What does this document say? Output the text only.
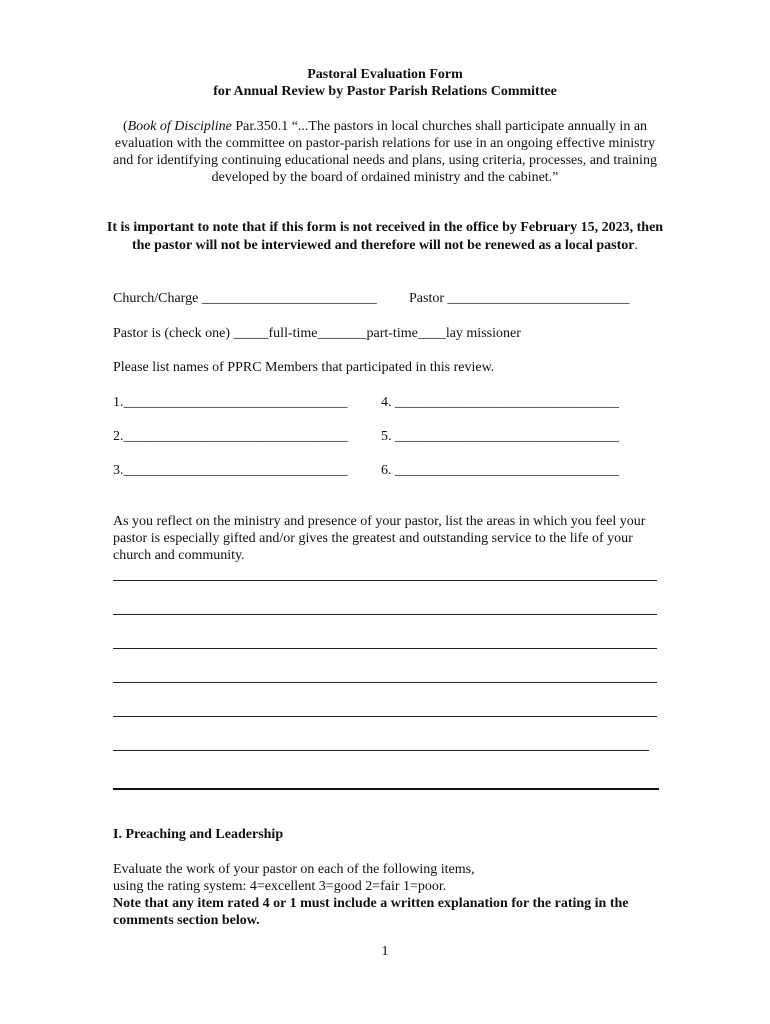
Pastoral Evaluation Form
for Annual Review by Pastor Parish Relations Committee
(Book of Discipline Par.350.1 “...The pastors in local churches shall participate annually in an evaluation with the committee on pastor-parish relations for use in an ongoing effective ministry and for identifying continuing educational needs and plans, using criteria, processes, and training developed by the board of ordained ministry and the cabinet.”
It is important to note that if this form is not received in the office by February 15, 2023, then the pastor will not be interviewed and therefore will not be renewed as a local pastor.
Church/Charge _________________________ Pastor __________________________
Pastor is (check one) _____full-time_______part-time____lay missioner
Please list names of PPRC Members that participated in this review.
1.________________________________ 4. ________________________________
2.________________________________ 5. ________________________________
3.________________________________ 6. ________________________________
As you reflect on the ministry and presence of your pastor, list the areas in which you feel your pastor is especially gifted and/or gives the greatest and outstanding service to the life of your church and community.
I. Preaching and Leadership
Evaluate the work of your pastor on each of the following items,
using the rating system: 4=excellent 3=good 2=fair 1=poor.
Note that any item rated 4 or 1 must include a written explanation for the rating in the comments section below.
1
